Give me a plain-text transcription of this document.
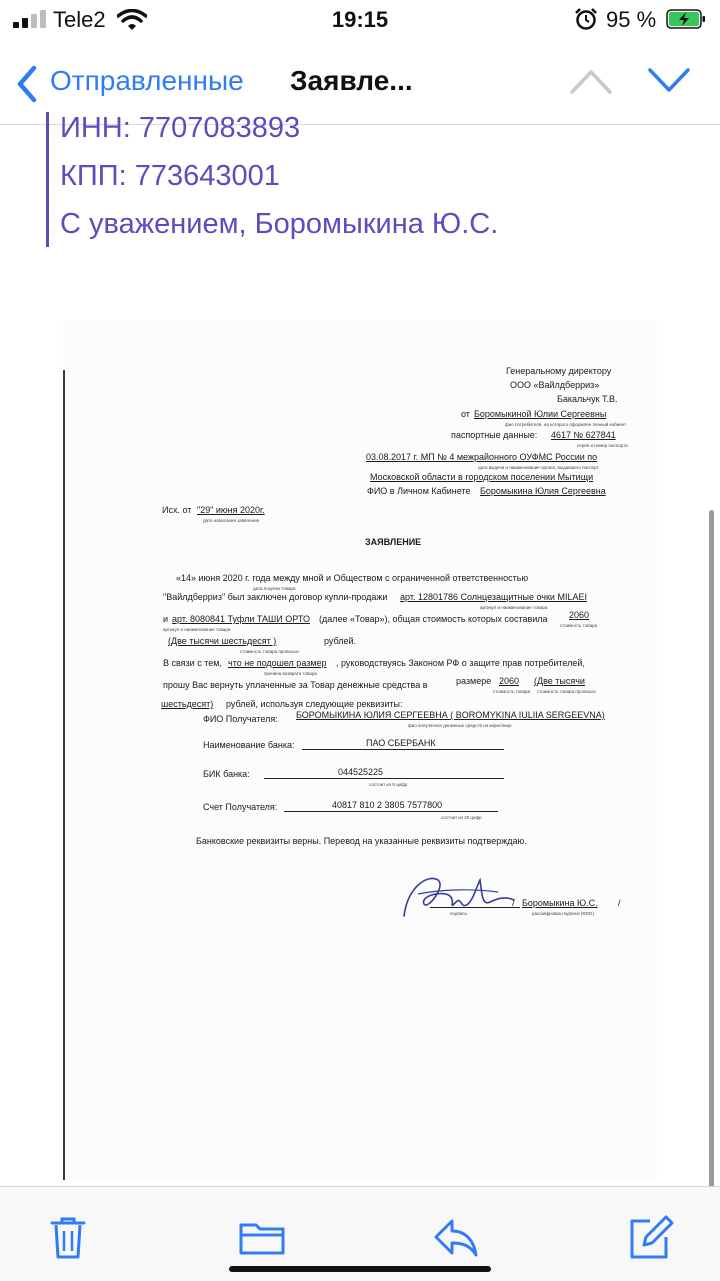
Tele2	19:15	95 %
Отправленные Заявле...
ИНН: 7707083893
КПП: 773643001
С уважением, Боромыкина Ю.С.
Генеральному директору
ООО «Вайлдберриз»
Бакальчук Т.В.
от Боромыкиной Юлии Сергеевны
фио потребителя, на которого оформлен личный кабинет
паспортные данные: 4617 № 627841
серия и номер паспорта
03.08.2017 г. МП № 4 межрайонного ОУФМС России по
дата выдачи и наименование органа, выдавшего паспорт
Московской области в городском поселении Мытищи
ФИО в Личном Кабинете Боромыкина Юлия Сергеевна
Исх. от "29" июня 2020г.
дата написания заявления
ЗАЯВЛЕНИЕ
«14» июня 2020 г. года между мной и Обществом с ограниченной ответственностью
дата покупки товара
"Вайлдберриз" был заключен договор купли-продажи арт. 12801786 Солнцезащитные очки MILAEI
артикул и наименование товара
и арт. 8080841 Туфли ТАШИ ОРТО (далее «Товар»), общая стоимость которых составила 2060
артикул и наименование товара
стоимость товара
(Две тысячи шестьдесят )	рублей.
стоимость товара прописью
В связи с тем, что не подошел размер , руководствуясь Законом РФ о защите прав потребителей,
причина возврата товара
прошу Вас вернуть уплаченные за Товар денежные средства в	размере 2060 (Две тысячи
стоимость товара стоимость товара прописью
шестьдесят) рублей, используя следующие реквизиты:
ФИО Получателя: БОРОМЫКИНА ЮЛИЯ СЕРГЕЕВНА ( BOROMYKINA IULIIA SERGEEVNA)
фио получателя денежных средств на кириллице
Наименование банка:	ПАО СБЕРБАНК
БИК банка:	044525225
состоит из 9 цифр
Счет Получателя:	40817 810 2 3805 7577800
состоит из 20 цифр
Банковские реквизиты верны. Перевод на указанные реквизиты подтверждаю.
подпись
/ Боромыкина Ю.С. /
расшифровка подписи (ФИО)
